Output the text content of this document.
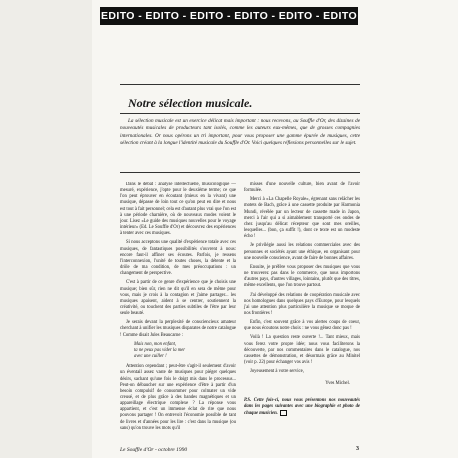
EDITO - EDITO - EDITO - EDITO - EDITO - EDITO
Notre sélection musicale.

La sélection musicale est un exercice délicat mais important : nous recevons, au Souffle d'Or, des dizaines de nouveautés musicales de producteurs tant isolés, comme les auteurs eux-mêmes, que de grosses compagnies internationales. Or nous opérons un tri important, pour vous proposer une gamme épurée de musiques, cette sélection créant à la longue l'identité musicale du Souffle d'Or. Voici quelques réflexions personnelles sur le sujet.

Dans le débat : analyse intellectuelle, musicologique — mesuré, expérience, j'opte pour le deuxième terme; ce que l'on peut éprouver en écoutant (mieux en la vivant) une musique, dépasse de loin tout ce qu'on peut en dire et nous est tout à fait personnel; cela est d'autant plus vrai que l'on est à une période charnière, où de nouveaux modes voient le jour. Lisez «Le guide des musiques nouvelles pour le voyage intérieur» (Ed. Le Souffle d'Or) et découvrez des expériences à tenter avec ces musiques.

Si nous acceptons une qualité d'expérience totale avec ces musiques, de fantastiques possibilités s'ouvrent à nous: encore faut-il affiner ses écoutes. Parfois, je ressens l'interconnexion, l'unité de toutes choses, la détente et la drôle de ma condition, de mes préoccupations : un changement de perspective.

C'est à partir de ce genre d'expérience que je choisis une musique; bien sûr, rien ne dit qu'il en sera de même pour vous, mais je crois à la contagion et j'aime partager... les musiques apaisent, aident à se centrer, soutiennent la créativité, ou touchent des parties subtiles de l'être par leur seule beauté.

Je serais devant la perplexité de consciencieux amateur cherchant à unifier les musiques disparates de notre catalogue ! Comme disait Jules Beaucarne :

Mais non, mon enfant,
ta ne peux pas vider la mer
avec une cuiller !

Attention cependant ; peut-être s'agit-il seulement d'avoir un éventail assez vaste de musiques pour piéger quelques désirs, sachant qu'une fois le doigt mis dans le processus... Peut-on débaucher sur une expérience d'être à partir d'un besoin compulsif de consommer pour colmater un vide creusé, et de plus grâce à des bandes magnétiques et un appareillage électrique complexe ? La réponse vous appartient, et c'est un immense éclat de rire que nous pouvons partager ! On entrevoit l'économie possible de tant de livres et d'années pour les lire : c'est dans la musique (ou sans) qu'on trouve les mots qu'il

misses d'une nouvelle culture, bien avant de l'avoir formulée.

Merci à «La Chapelle Royale», égrenant sans relâcher les motets de Bach, grâce à une cassette produite par Harmonia Mundi, révélée par un lecteur de cassette made in Japon, merci à l'air qui a si aimablement transporté ces ondes de chez jusqu'au délicat récepteur que sont mes oreilles, lesquelles... (bon, ça suffit !), dont ce texte est un modeste écho !

Je privilégie aussi les relations commerciales avec des personnes et sociétés ayant une éthique, en organisant pour une nouvelle conscience, avant de faire de bonnes affaires.

Ensuite, je préfère vous proposer des musiques que vous ne trouverez pas dans le commerce, que nous importons d'autres pays, d'autres villages, lointains, plutôt que des titres, même excellents, que l'on trouve partout.

J'ai développé des relations de coopération musicale avec nos homologues dans quelques pays d'Europe, pour lesquels j'ai une attention plus particulière la musique se moque de nos frontières !

Enfin, c'est souvent grâce à vos alertes coups de coeur, que nous écoutons notre choix : ne vous gênez donc pas !

Voilà ! La question reste ouverte !... Tant mieux, mais vous ferez votre propre idée; nous vous faciliterons la découverte, par nos commentaires dans le catalogue, nos cassettes de démonstration, et désormais grâce au Minitel (voir p. 22) pour échanger vos avis !

Joyeusement à votre service,

Yves Michel.

P.S. Cette fois-ci, nous vous présentons nos nouveautés dans les pages suivantes avec une biographie et photo de chaque musicien.

Le Souffle d'Or - octobre 1990	3
